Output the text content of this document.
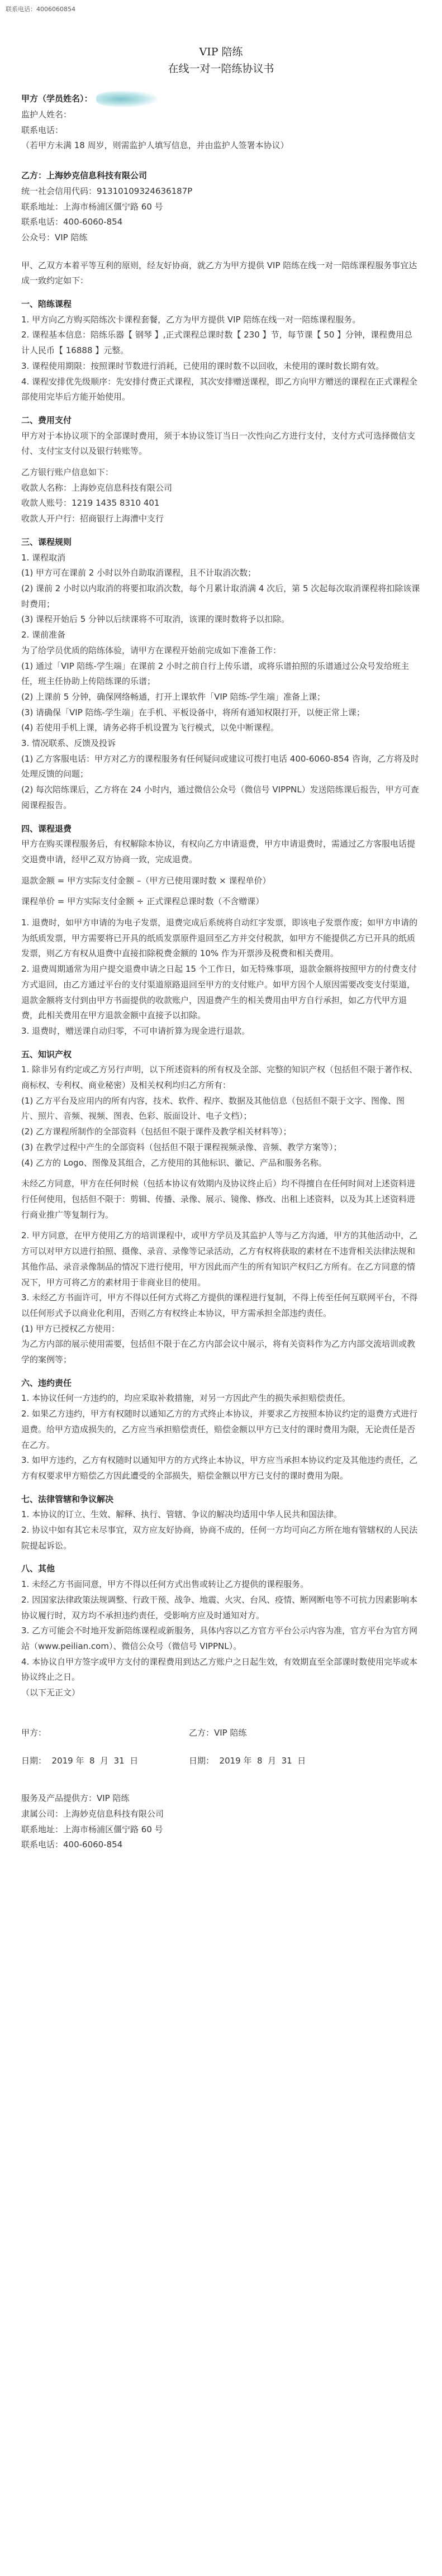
联系电话：4006060854

VIP 陪练

在线一对一陪练协议书

甲方（学员姓名）：

监护人姓名：

联系电话：

（若甲方未满 18 周岁，则需监护人填写信息，并由监护人签署本协议）

乙方：上海妙克信息科技有限公司

统一社会信用代码：91310109324636187P

联系地址：上海市杨浦区僵宁路 60 号

联系电话：400-6060-854

公众号：VIP 陪练

甲、乙双方本着平等互利的原则，经友好协商，就乙方为甲方提供 VIP 陪练在线一对一陪练课程服务事宜达成一致约定如下：

一、陪练课程

1. 甲方向乙方购买陪练次卡课程套餐，乙方为甲方提供 VIP 陪练在线一对一陪练课程服务。

2. 课程基本信息：陪练乐器【 钢琴 】,正式课程总课时数【 230 】节，每节课【 50 】分钟，课程费用总计人民币【 16888 】元整。

3. 课程使用期限：按照课时节数进行消耗，已使用的课时数不以回收，未使用的课时数长期有效。

4. 课程安排优先级顺序：先安排付费正式课程，其次安排赠送课程，即乙方向甲方赠送的课程在正式课程全部使用完毕后方能开始使用。

二、费用支付

甲方对于本协议项下的全部课时费用，须于本协议签订当日一次性向乙方进行支付，支付方式可选择微信支付、支付宝支付以及银行转账等。

乙方银行账户信息如下：

收款人名称：上海妙克信息科技有限公司

收款人账号：1219 1435 8310 401

收款人开户行：招商银行上海漕中支行

三、课程规则

1. 课程取消

(1) 甲方可在课前 2 小时以外自助取消课程，且不计取消次数；

(2) 课前 2 小时以内取消的将要扣取消次数，每个月累计取消满 4 次后，第 5 次起每次取消课程将扣除该课时费用；

(3) 课程开始后 5 分钟以后续课将不可取消，该课的课时数将予以扣除。

2. 课前准备

为了给学员优质的陪练体验，请甲方在课程开始前完成如下准备工作：

(1) 通过「VIP 陪练-学生端」在课前 2 小时之前自行上传乐谱，或将乐谱拍照的乐谱通过公众号发给班主任，班主任协助上传陪练课的乐谱；

(2) 上课前 5 分钟，确保网络畅通，打开上课软件「VIP 陪练-学生端」准备上课；

(3) 请确保「VIP 陪练-学生端」在手机、平板设备中，将所有通知权限打开，以便正常上课；

(4) 若使用手机上课，请务必将手机设置为飞行模式，以免中断课程。

3. 情况联系、反馈及投诉

(1) 乙方客服电话：甲方对乙方的课程服务有任何疑问或建议可拨打电话 400-6060-854 咨询，乙方将及时处理反馈的问题；

(2) 每次陪练课后，乙方将在 24 小时内，通过微信公众号（微信号 VIPPNL）发送陪练课后报告，甲方可查阅课程报告。

四、课程退费

甲方在购买课程服务后，有权解除本协议，有权向乙方申请退费，甲方申请退费时，需通过乙方客服电话提交退费申请，经甲乙双方协商一致，完成退费。

退款金额 = 甲方实际支付金额 –（甲方已使用课时数 × 课程单价）

课程单价 = 甲方实际支付金额 ÷ 正式课程总课时数（不含赠课）

1. 退费时，如甲方申请的为电子发票，退费完成后系统将自动红字发票，即该电子发票作废；如甲方申请的为纸质发票，甲方需要将已开具的纸质发票原件退回至乙方并交付税款，如甲方不能提供乙方已开具的纸质发票，则乙方有权从退费中直接扣除税费金额的 10% 作为开票涉及税费和相关费用。

2. 退费周期通常为用户提交退费申请之日起 15 个工作日，如无特殊事项，退款金额将按照甲方的付费支付方式退回，由乙方通过平台的支付渠道原路退回至甲方的支付账户。如甲方因个人原因需要改变支付渠道，退款金额将支付到由甲方书面提供的收款账户，因退费产生的相关费用由甲方自行承担，如乙方代甲方退费，此相关费用在甲方退款金额中直接予以扣除。

3. 退费时，赠送课自动归零，不可申请折算为现金进行退款。

五、知识产权

1. 除非另有约定或乙方另行声明，以下所述资料的所有权及全部、完整的知识产权（包括但不限于著作权、商标权、专利权、商业秘密）及相关权利均归乙方所有：

(1) 乙方平台及应用内的所有内容，技术、软件、程序、数据及其他信息（包括但不限于文字、图像、图片、照片、音频、视频、图表、色彩、版面设计、电子文档）；

(2) 乙方课程所制作的全部资料（包括但不限于课件及教学相关材料等）；

(3) 在教学过程中产生的全部资料（包括但不限于课程视频录像、音频、教学方案等）；

(4) 乙方的 Logo、图像及其组合，乙方使用的其他标识、徽记、产品和服务名称。

未经乙方同意，甲方在任何时候（包括本协议有效期内及协议终止后）均不得擅自在任何时间对上述资料进行任何使用，包括但不限于：剪辑、传播、录像、展示、镜像、修改、出租上述资料，以及为其上述资料进行商业推广等复制行为。

2. 甲方同意，在甲方使用乙方的培训课程中，或甲方学员及其监护人等与乙方沟通，甲方的其他活动中，乙方可以对甲方以进行拍照、摄像、录音、录像等记录活动，乙方有权将获取的素材在不违背相关法律法规和其他作品、录音录像制品的情况下进行使用，甲方因此而产生的所有知识产权归乙方所有。在乙方同意的情况下，甲方可将乙方的素材用于非商业目的使用。

3. 未经乙方书面许可，甲方不得以任何方式将乙方提供的课程进行复制，不得上传至任何互联网平台，不得以任何形式予以商业化利用，否则乙方有权终止本协议，甲方需承担全部违约责任。

(1) 甲方已授权乙方使用：

为乙方内部的展示使用需要，包括但不限于在乙方内部会议中展示，将有关资料作为乙方内部交流培训或教学的案例等；

六、违约责任

1. 本协议任何一方违约的，均应采取补救措施，对另一方因此产生的损失承担赔偿责任。

2. 如果乙方违约，甲方有权随时以通知乙方的方式终止本协议，并要求乙方按照本协议约定的退费方式进行退费。给甲方造成损失的，乙方应当承担赔偿责任，赔偿金额以甲方已支付的课时费用为限，无论责任是否在乙方。

3. 如甲方违约，乙方有权随时以通知甲方的方式终止本协议，甲方应当承担本协议约定及其他违约责任，乙方有权要求甲方赔偿乙方因此遭受的全部损失，赔偿金额以甲方已支付的课时费用为限。

七、法律管辖和争议解决

1. 本协议的订立、生效、解释、执行、管辖、争议的解决均适用中华人民共和国法律。

2. 协议中如有其它未尽事宜，双方应友好协商，协商不成的，任何一方均可向乙方所在地有管辖权的人民法院提起诉讼。

八、其他

1. 未经乙方书面同意，甲方不得以任何方式出售或转让乙方提供的课程服务。

2. 因国家法律政策法规调整、行政干预、战争、地震、火灾、台风、疫情、断网断电等不可抗力因素影响本协议履行时，双方均不承担违约责任，受影响方应及时通知对方。

3. 乙方可能会不时地开发新陪练课程或新服务，具体内容以乙方官方平台公示内容为准，官方平台为官方网站（www.peilian.com）、微信公众号（微信号 VIPPNL）。

4. 本协议自甲方签字或甲方支付的课程费用到达乙方账户之日起生效，有效期直至全部课时数使用完毕或本协议终止之日。

（以下无正文）

甲方：	乙方：VIP 陪练

日期：  2019 年  8  月  31  日	日期：  2019 年  8  月  31  日

服务及产品提供方：VIP 陪练

隶属公司：上海妙克信息科技有限公司

联系地址：上海市杨浦区僵宁路 60 号

联系电话：400-6060-854
